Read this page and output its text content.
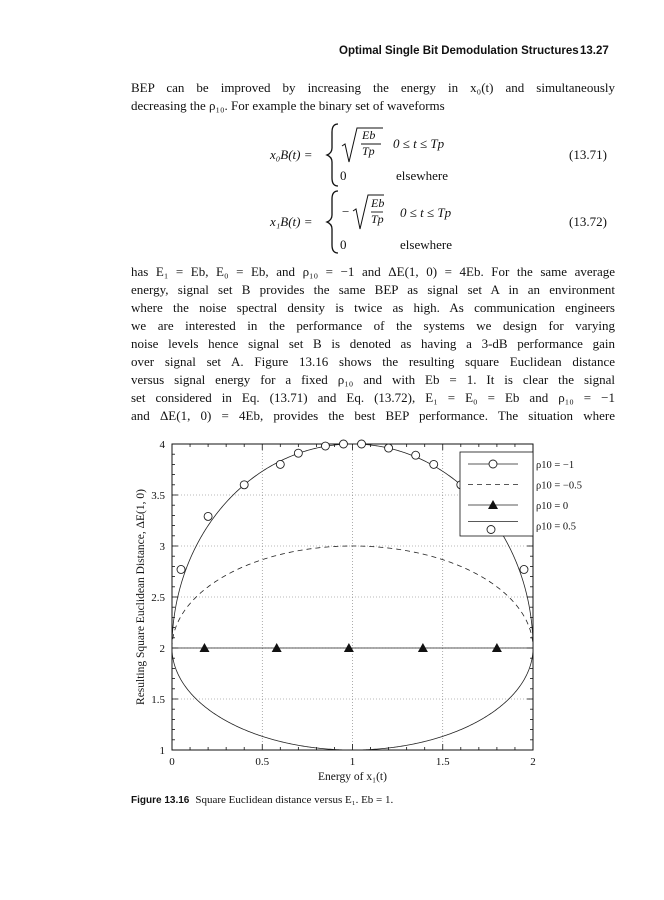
Optimal Single Bit Demodulation Structures 13.27
BEP can be improved by increasing the energy in x₀(t) and simultaneously
decreasing the ρ₁₀. For example the binary set of waveforms
x₀B(t) =
Eb
Tp 0 ≤ t ≤ Tp
0	elsewhere
(13.71)
x₁B(t) =
−
Eb
Tp 0 ≤ t ≤ Tp
0	elsewhere
(13.72)
has E₁ = Eb, E₀ = Eb, and ρ₁₀ = −1 and ΔE(1, 0) = 4Eb. For the same average
energy, signal set B provides the same BEP as signal set A in an environment
where the noise spectral density is twice as high. As communication engineers
we are interested in the performance of the systems we design for varying
noise levels hence signal set B is denoted as having a 3-dB performance gain
over signal set A. Figure 13.16 shows the resulting square Euclidean distance
versus signal energy for a fixed ρ₁₀ and with Eb = 1. It is clear the signal
set considered in Eq. (13.71) and Eq. (13.72), E₁ = E₀ = Eb and ρ₁₀ = −1
and ΔE(1, 0) = 4Eb, provides the best BEP performance. The situation where
0	0.5	1	1.5	2
1
1.5
2
2.5
3
3.5
4
Energy of x₁(t)
Resulting Square Euclidean Distance, ΔE(1, 0)
ρ10 = −1
ρ10 = −0.5
ρ10 = 0
ρ10 = 0.5
Figure 13.16 Square Euclidean distance versus E₁. Eb = 1.
